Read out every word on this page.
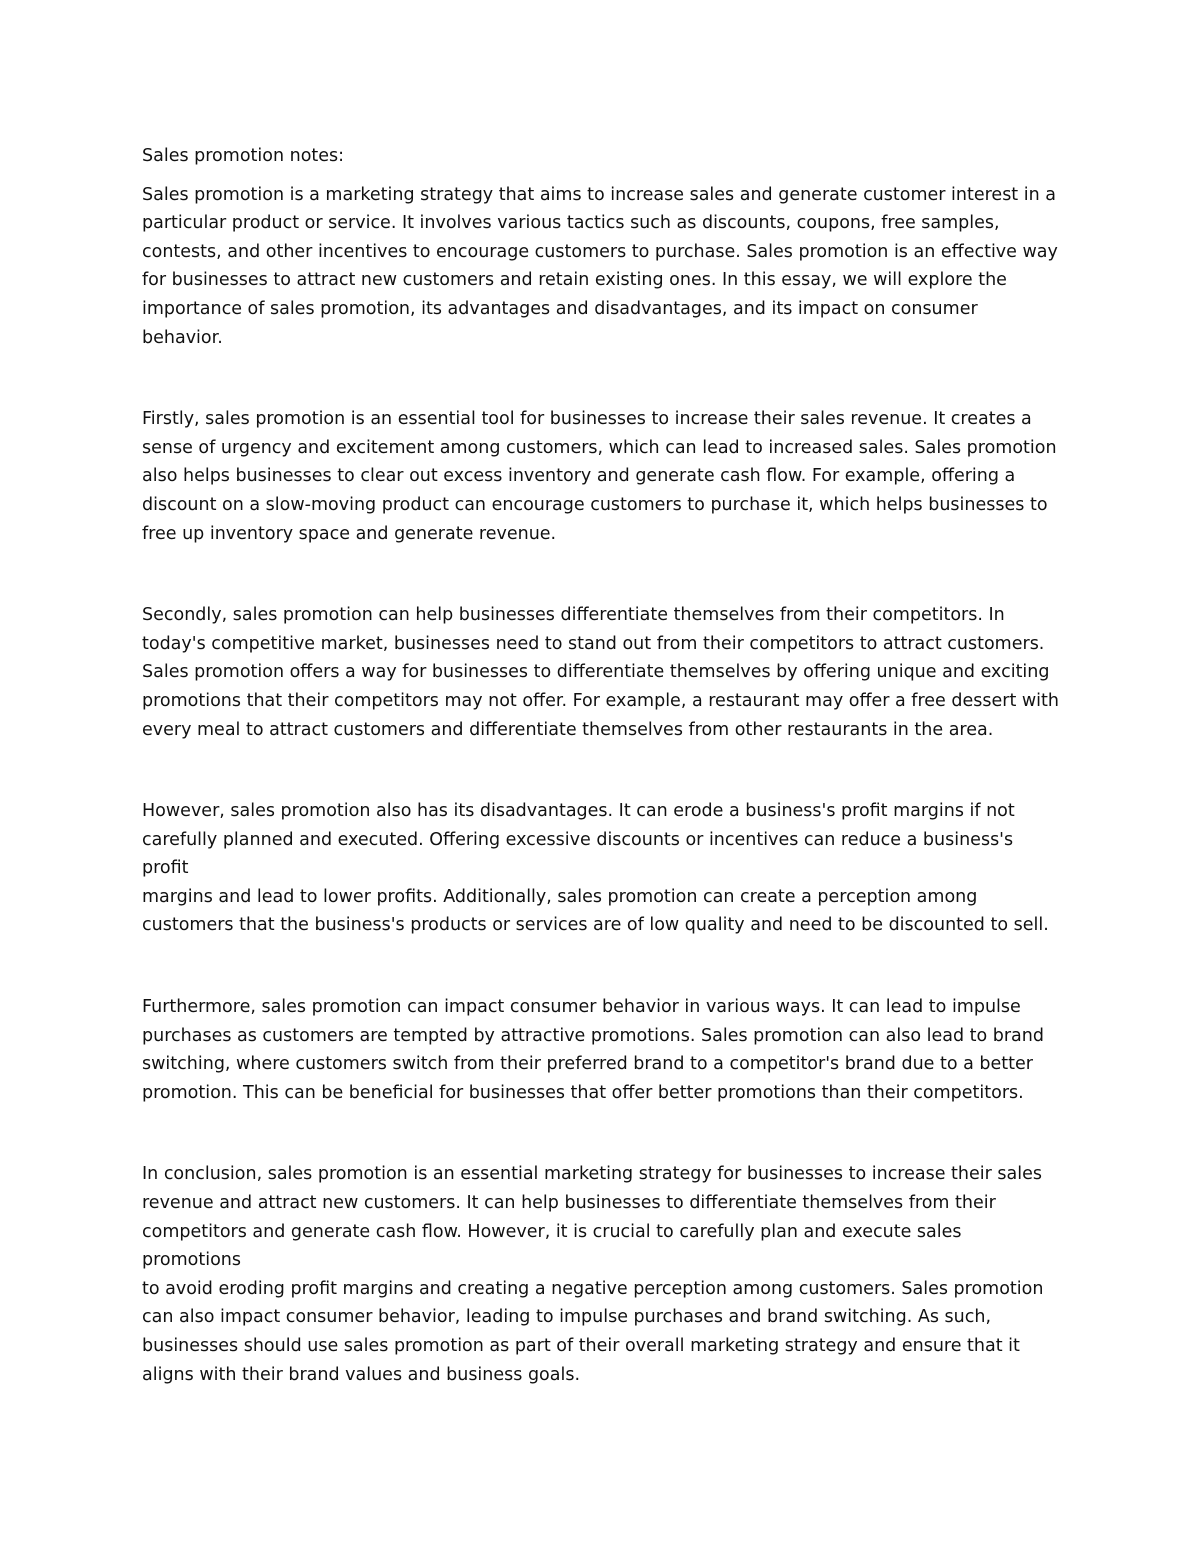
Sales promotion notes:

Sales promotion is a marketing strategy that aims to increase sales and generate customer interest in a
particular product or service. It involves various tactics such as discounts, coupons, free samples,
contests, and other incentives to encourage customers to purchase. Sales promotion is an effective way
for businesses to attract new customers and retain existing ones. In this essay, we will explore the
importance of sales promotion, its advantages and disadvantages, and its impact on consumer behavior.

Firstly, sales promotion is an essential tool for businesses to increase their sales revenue. It creates a
sense of urgency and excitement among customers, which can lead to increased sales. Sales promotion
also helps businesses to clear out excess inventory and generate cash flow. For example, offering a
discount on a slow-moving product can encourage customers to purchase it, which helps businesses to
free up inventory space and generate revenue.

Secondly, sales promotion can help businesses differentiate themselves from their competitors. In
today's competitive market, businesses need to stand out from their competitors to attract customers.
Sales promotion offers a way for businesses to differentiate themselves by offering unique and exciting
promotions that their competitors may not offer. For example, a restaurant may offer a free dessert with
every meal to attract customers and differentiate themselves from other restaurants in the area.

However, sales promotion also has its disadvantages. It can erode a business's profit margins if not
carefully planned and executed. Offering excessive discounts or incentives can reduce a business's profit
margins and lead to lower profits. Additionally, sales promotion can create a perception among
customers that the business's products or services are of low quality and need to be discounted to sell.

Furthermore, sales promotion can impact consumer behavior in various ways. It can lead to impulse
purchases as customers are tempted by attractive promotions. Sales promotion can also lead to brand
switching, where customers switch from their preferred brand to a competitor's brand due to a better
promotion. This can be beneficial for businesses that offer better promotions than their competitors.

In conclusion, sales promotion is an essential marketing strategy for businesses to increase their sales
revenue and attract new customers. It can help businesses to differentiate themselves from their
competitors and generate cash flow. However, it is crucial to carefully plan and execute sales promotions
to avoid eroding profit margins and creating a negative perception among customers. Sales promotion
can also impact consumer behavior, leading to impulse purchases and brand switching. As such,
businesses should use sales promotion as part of their overall marketing strategy and ensure that it
aligns with their brand values and business goals.
